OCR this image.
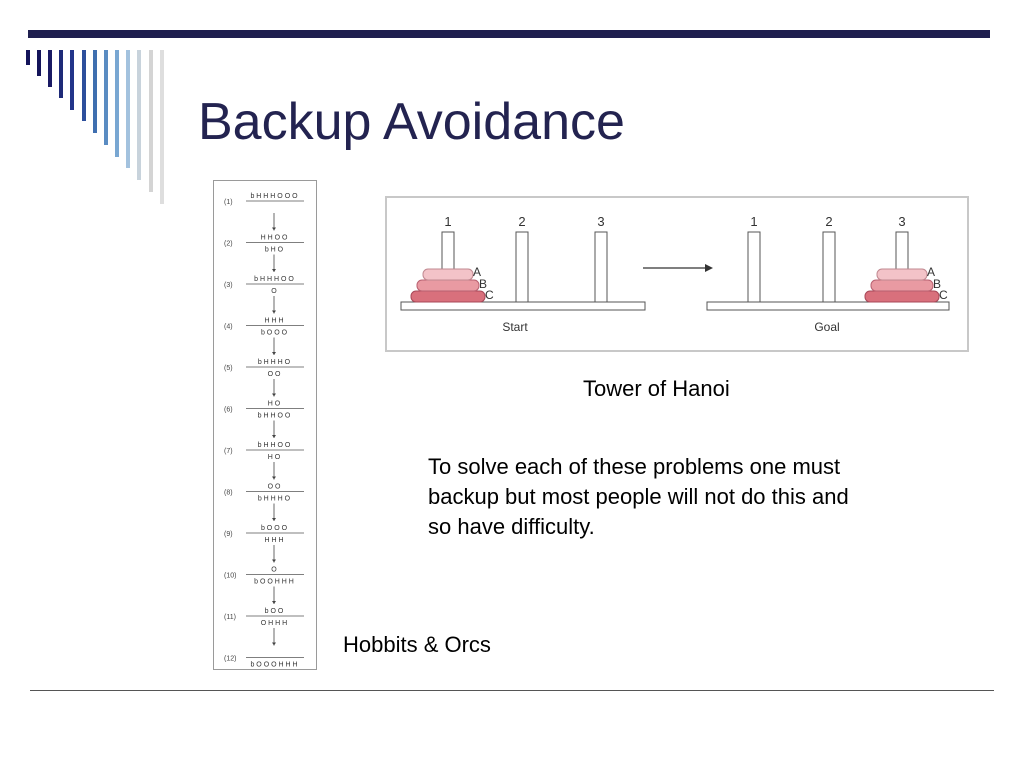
Backup Avoidance
(1)
b H H H O O O
(2)
H H O O
b H O
(3)
b H H H O O
O
(4)
H H H
b O O O
(5)
b H H H O
O O
(6)
H O
b H H O O
(7)
b H H O O
H O
(8)
O O
b H H H O
(9)
b O O O
H H H
(10)
O
b O O H H H
(11)
b O O
O H H H
(12)
b O O O H H H
1	2	3
A
B
C
Start
1	2	3
A
B
C
Goal
Tower of Hanoi
To solve each of these problems one must backup but most people will not do this and so have difficulty.
Hobbits & Orcs
